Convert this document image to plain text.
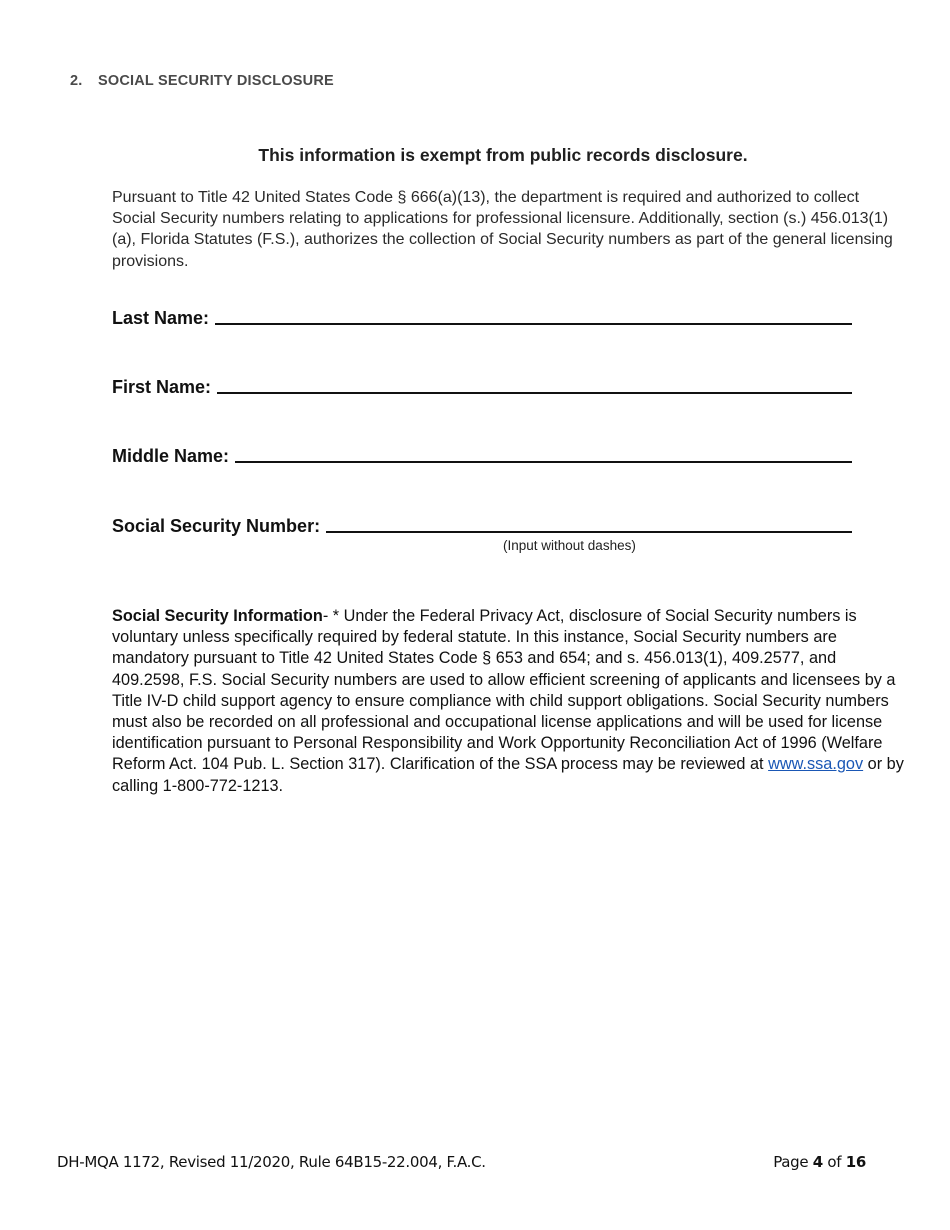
2. SOCIAL SECURITY DISCLOSURE
This information is exempt from public records disclosure.
Pursuant to Title 42 United States Code § 666(a)(13), the department is required and authorized to collect Social Security numbers relating to applications for professional licensure. Additionally, section (s.) 456.013(1)(a), Florida Statutes (F.S.), authorizes the collection of Social Security numbers as part of the general licensing provisions.
Last Name:
First Name:
Middle Name:
Social Security Number:
(Input without dashes)
Social Security Information- * Under the Federal Privacy Act, disclosure of Social Security numbers is voluntary unless specifically required by federal statute. In this instance, Social Security numbers are mandatory pursuant to Title 42 United States Code § 653 and 654; and s. 456.013(1), 409.2577, and 409.2598, F.S. Social Security numbers are used to allow efficient screening of applicants and licensees by a Title IV-D child support agency to ensure compliance with child support obligations. Social Security numbers must also be recorded on all professional and occupational license applications and will be used for license identification pursuant to Personal Responsibility and Work Opportunity Reconciliation Act of 1996 (Welfare Reform Act. 104 Pub. L. Section 317). Clarification of the SSA process may be reviewed at www.ssa.gov or by calling 1-800-772-1213.
DH-MQA 1172, Revised 11/2020, Rule 64B15-22.004, F.A.C.	Page 4 of 16
